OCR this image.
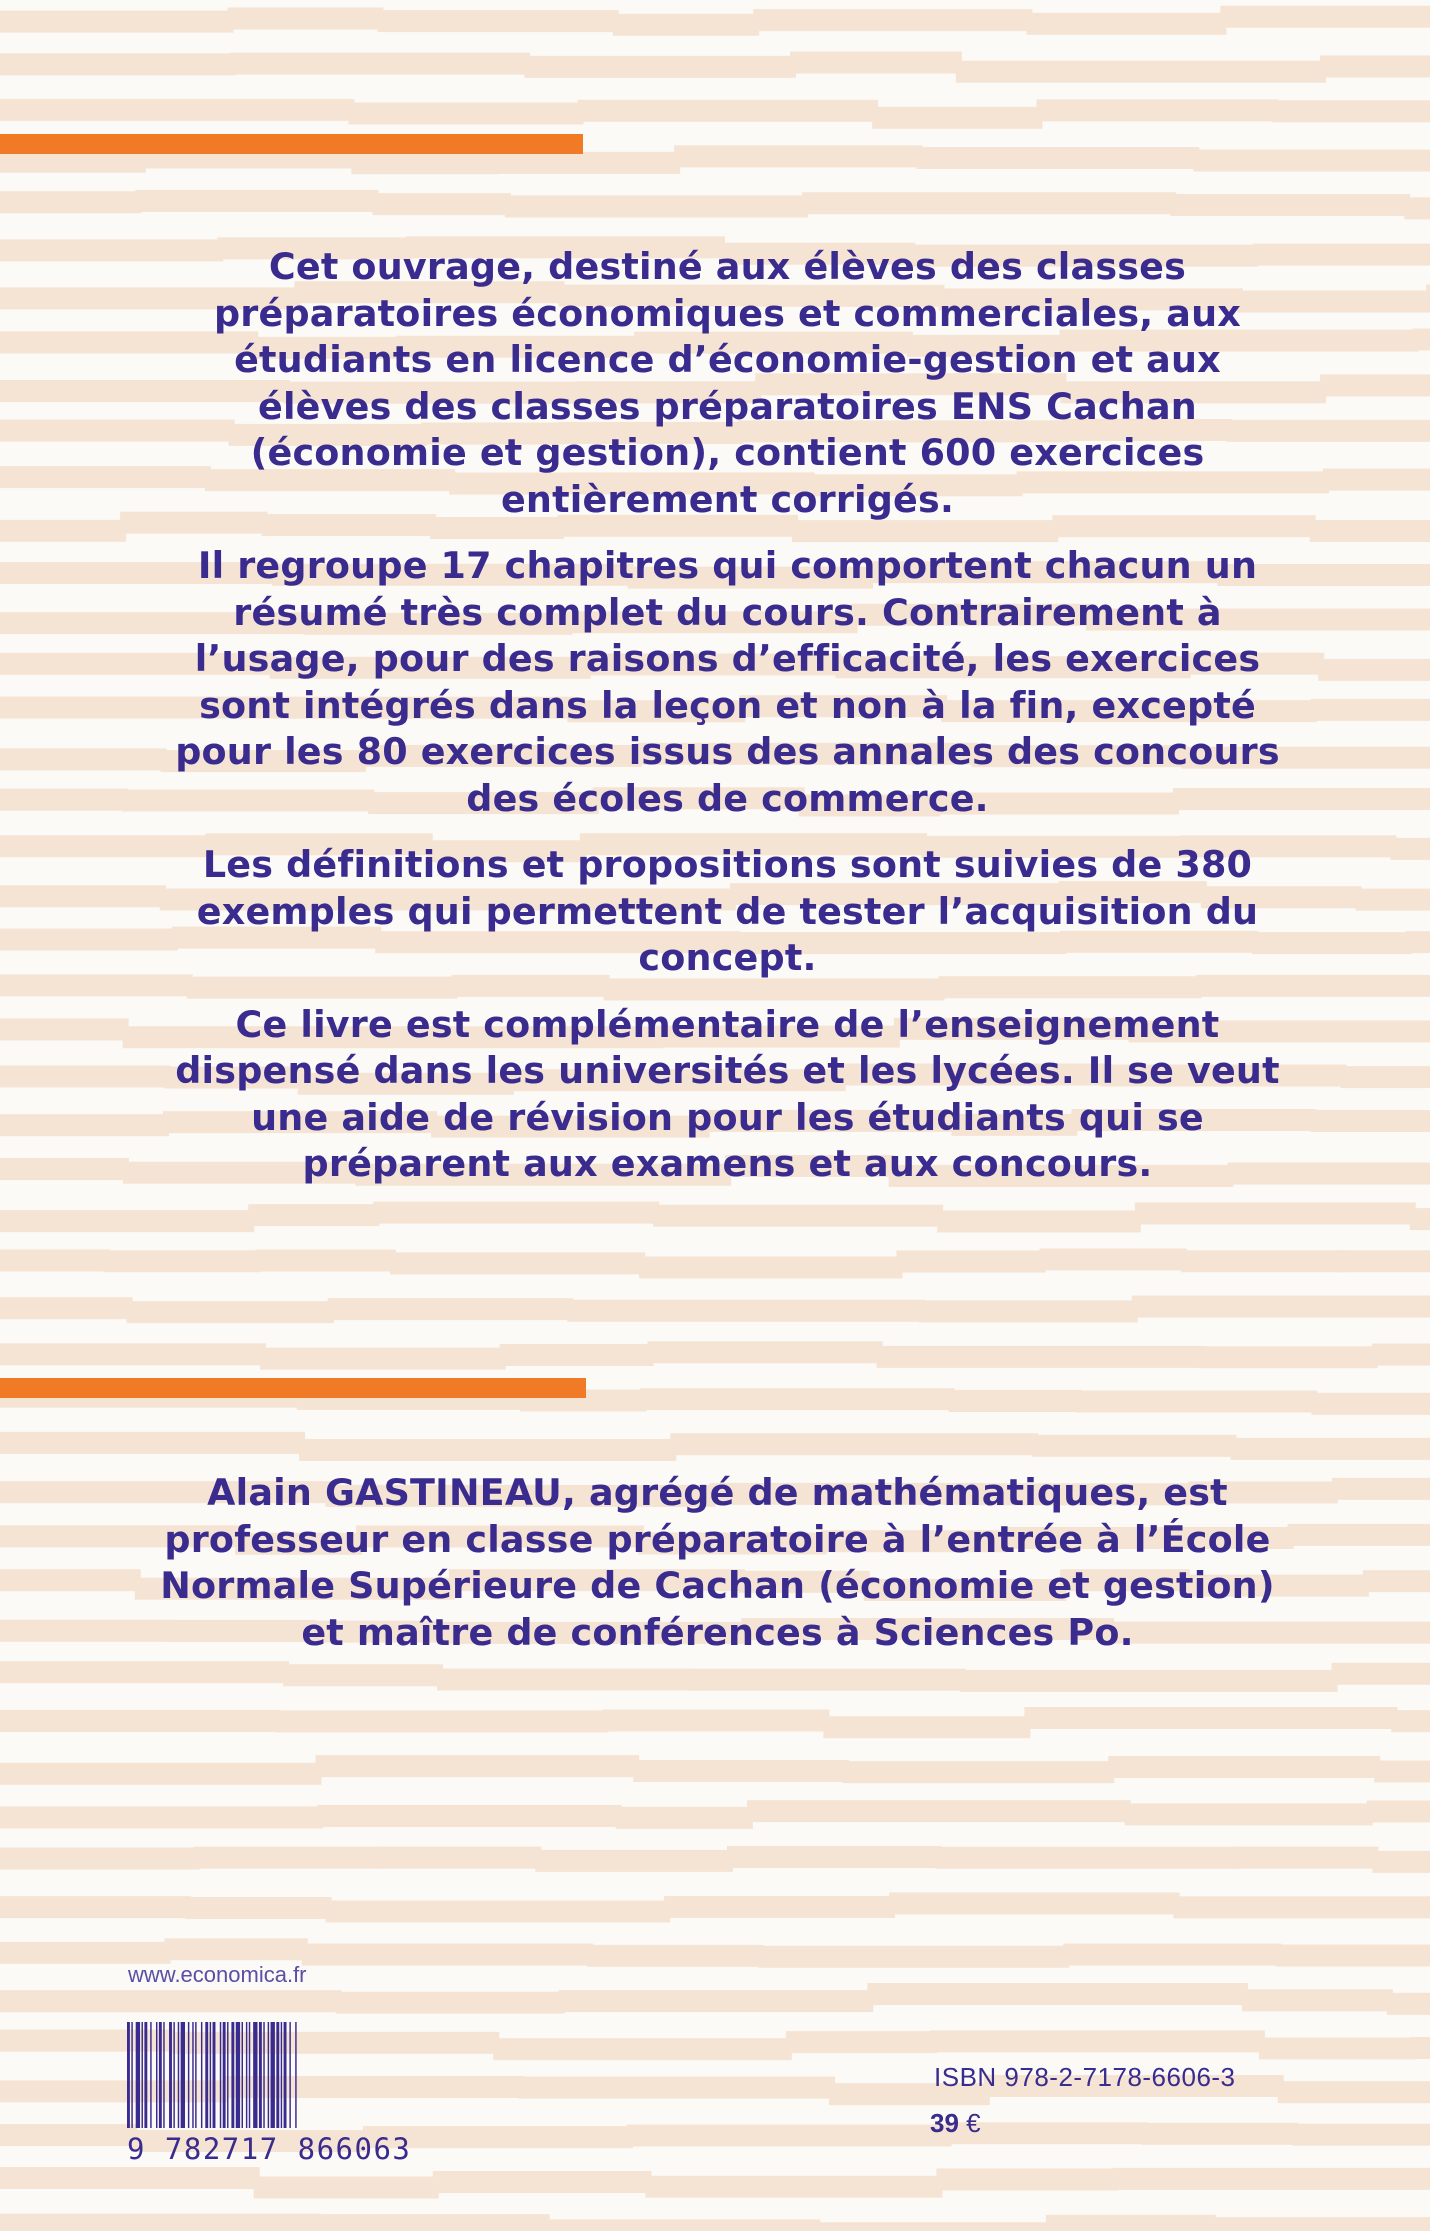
Cet ouvrage, destiné aux élèves des classes préparatoires économiques et commerciales, aux étudiants en licence d’économie-gestion et aux élèves des classes préparatoires ENS Cachan (économie et gestion), contient 600 exercices entièrement corrigés.

Il regroupe 17 chapitres qui comportent chacun un résumé très complet du cours. Contrairement à l’usage, pour des raisons d’efficacité, les exercices sont intégrés dans la leçon et non à la fin, excepté pour les 80 exercices issus des annales des concours des écoles de commerce.

Les définitions et propositions sont suivies de 380 exemples qui permettent de tester l’acquisition du concept.

Ce livre est complémentaire de l’enseignement dispensé dans les universités et les lycées. Il se veut une aide de révision pour les étudiants qui se préparent aux examens et aux concours.

Alain GASTINEAU, agrégé de mathématiques, est professeur en classe préparatoire à l’entrée à l’École Normale Supérieure de Cachan (économie et gestion) et maître de conférences à Sciences Po.

www.economica.fr
9 782717 866063
ISBN 978-2-7178-6606-3
39 €
